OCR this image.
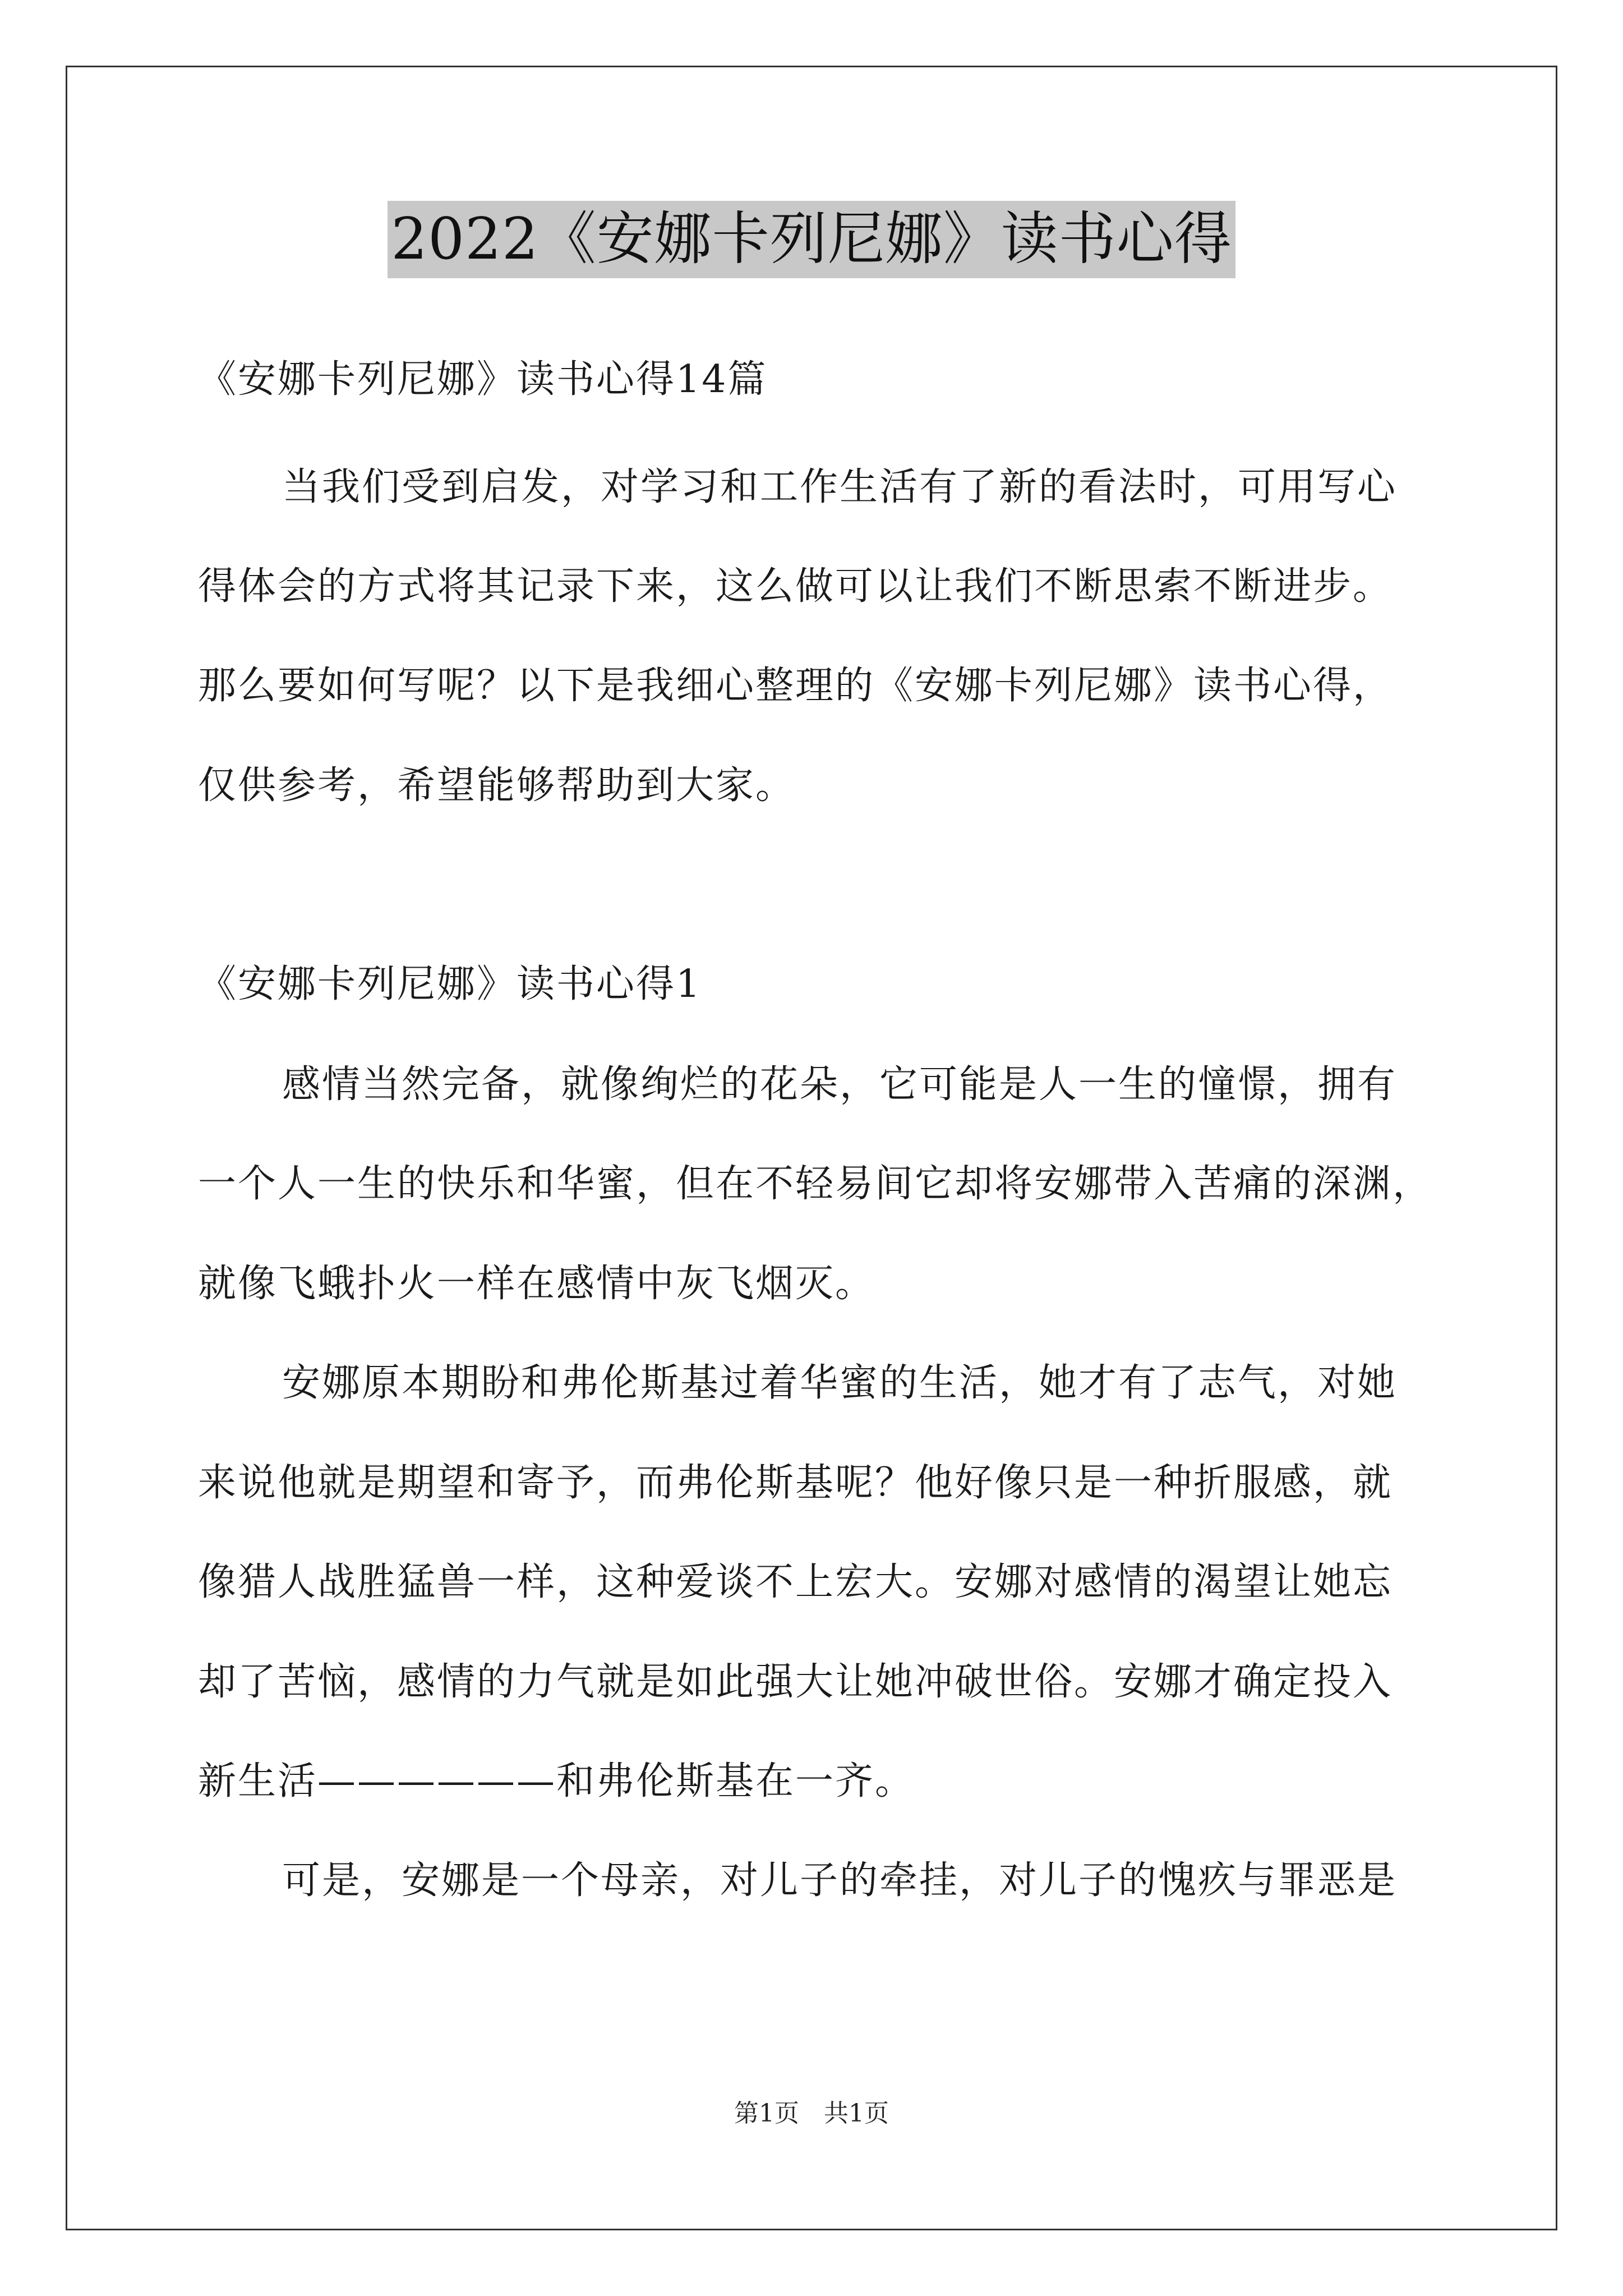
2022《安娜卡列尼娜》读书心得
《安娜卡列尼娜》读书心得14篇
当我们受到启发，对学习和工作生活有了新的看法时，可用写心
得体会的方式将其记录下来，这么做可以让我们不断思索不断进步。
那么要如何写呢？以下是我细心整理的《安娜卡列尼娜》读书心得，
仅供参考，希望能够帮助到大家。
《安娜卡列尼娜》读书心得1
感情当然完备，就像绚烂的花朵，它可能是人一生的憧憬，拥有
一个人一生的快乐和华蜜，但在不轻易间它却将安娜带入苦痛的深渊，
就像飞蛾扑火一样在感情中灰飞烟灭。
安娜原本期盼和弗伦斯基过着华蜜的生活，她才有了志气，对她
来说他就是期望和寄予，而弗伦斯基呢？他好像只是一种折服感，就
像猎人战胜猛兽一样，这种爱谈不上宏大。安娜对感情的渴望让她忘
却了苦恼，感情的力气就是如此强大让她冲破世俗。安娜才确定投入
新生活——————和弗伦斯基在一齐。
可是，安娜是一个母亲，对儿子的牵挂，对儿子的愧疚与罪恶是
第1页 共1页
